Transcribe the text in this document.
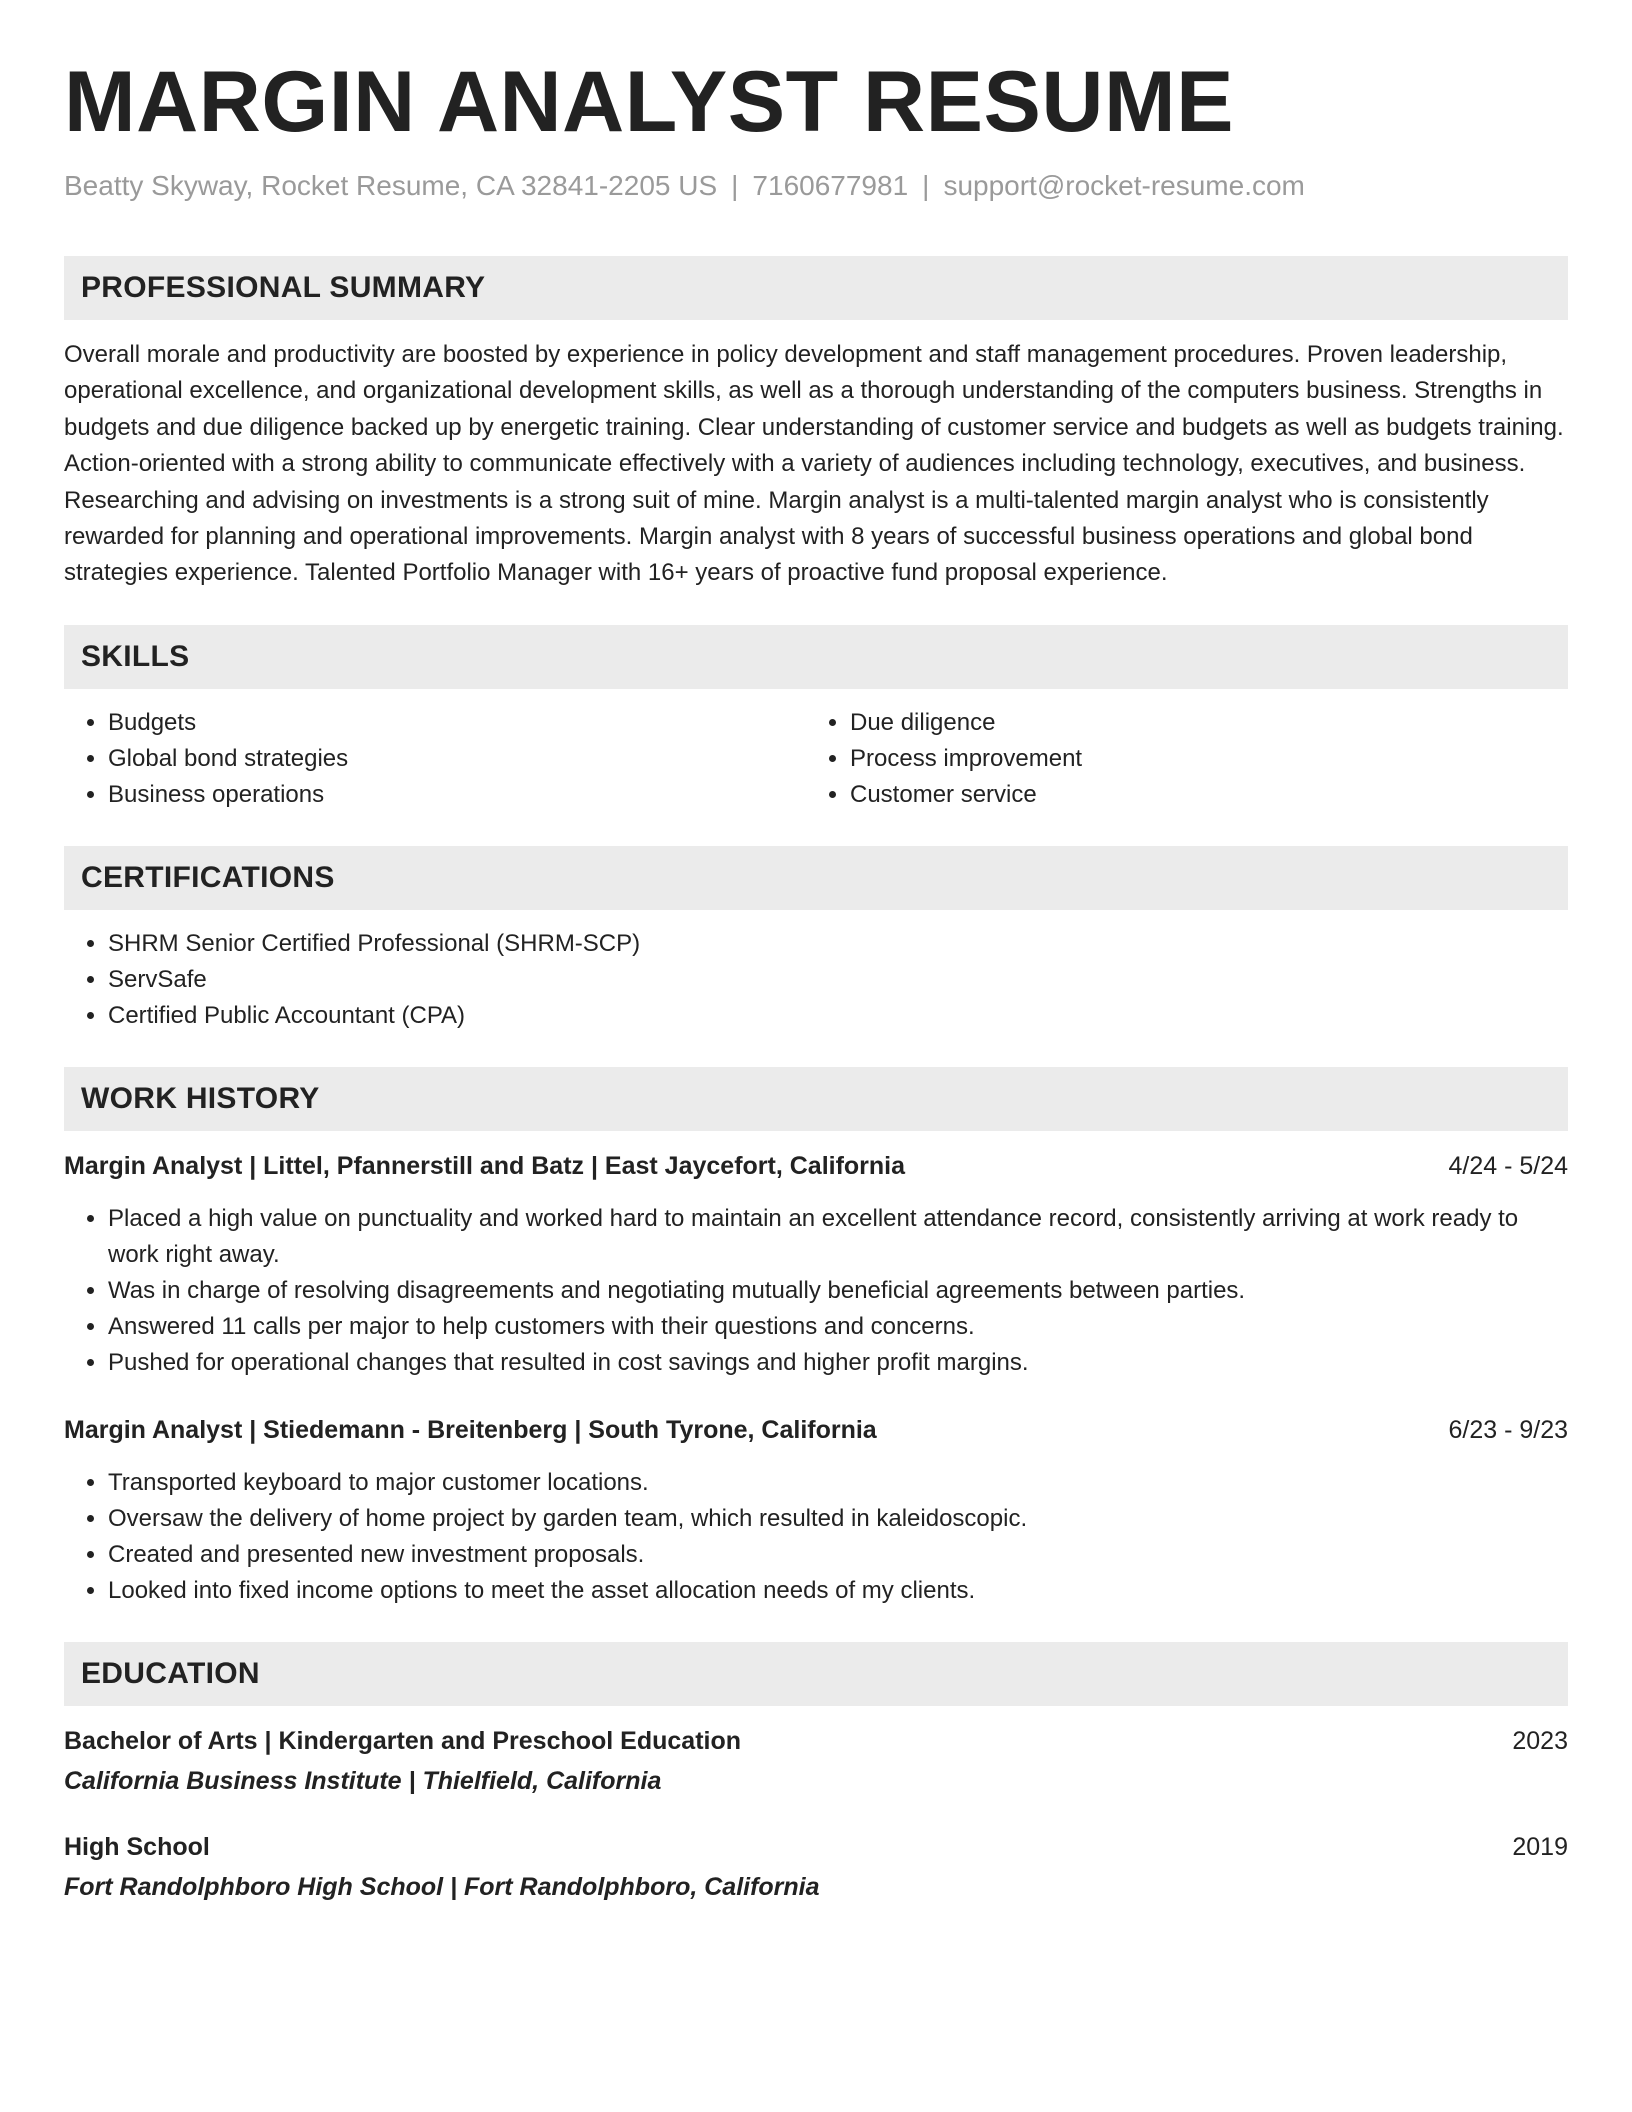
MARGIN ANALYST RESUME
Beatty Skyway, Rocket Resume, CA 32841-2205 US | 7160677981 | support@rocket-resume.com
PROFESSIONAL SUMMARY

Overall morale and productivity are boosted by experience in policy development and staff management procedures. Proven leadership, operational excellence, and organizational development skills, as well as a thorough understanding of the computers business. Strengths in budgets and due diligence backed up by energetic training. Clear understanding of customer service and budgets as well as budgets training. Action-oriented with a strong ability to communicate effectively with a variety of audiences including technology, executives, and business. Researching and advising on investments is a strong suit of mine. Margin analyst is a multi-talented margin analyst who is consistently rewarded for planning and operational improvements. Margin analyst with 8 years of successful business operations and global bond strategies experience. Talented Portfolio Manager with 16+ years of proactive fund proposal experience.

SKILLS
• Budgets
• Global bond strategies
• Business operations
• Due diligence
• Process improvement
• Customer service
CERTIFICATIONS
• SHRM Senior Certified Professional (SHRM-SCP)
• ServSafe
• Certified Public Accountant (CPA)
WORK HISTORY
Margin Analyst | Littel, Pfannerstill and Batz | East Jaycefort, California	4/24 - 5/24
• Placed a high value on punctuality and worked hard to maintain an excellent attendance record, consistently arriving at work ready to work right away.
• Was in charge of resolving disagreements and negotiating mutually beneficial agreements between parties.
• Answered 11 calls per major to help customers with their questions and concerns.
• Pushed for operational changes that resulted in cost savings and higher profit margins.
Margin Analyst | Stiedemann - Breitenberg | South Tyrone, California	6/23 - 9/23
• Transported keyboard to major customer locations.
• Oversaw the delivery of home project by garden team, which resulted in kaleidoscopic.
• Created and presented new investment proposals.
• Looked into fixed income options to meet the asset allocation needs of my clients.
EDUCATION
Bachelor of Arts | Kindergarten and Preschool Education	2023
California Business Institute | Thielfield, California
High School	2019
Fort Randolphboro High School | Fort Randolphboro, California
